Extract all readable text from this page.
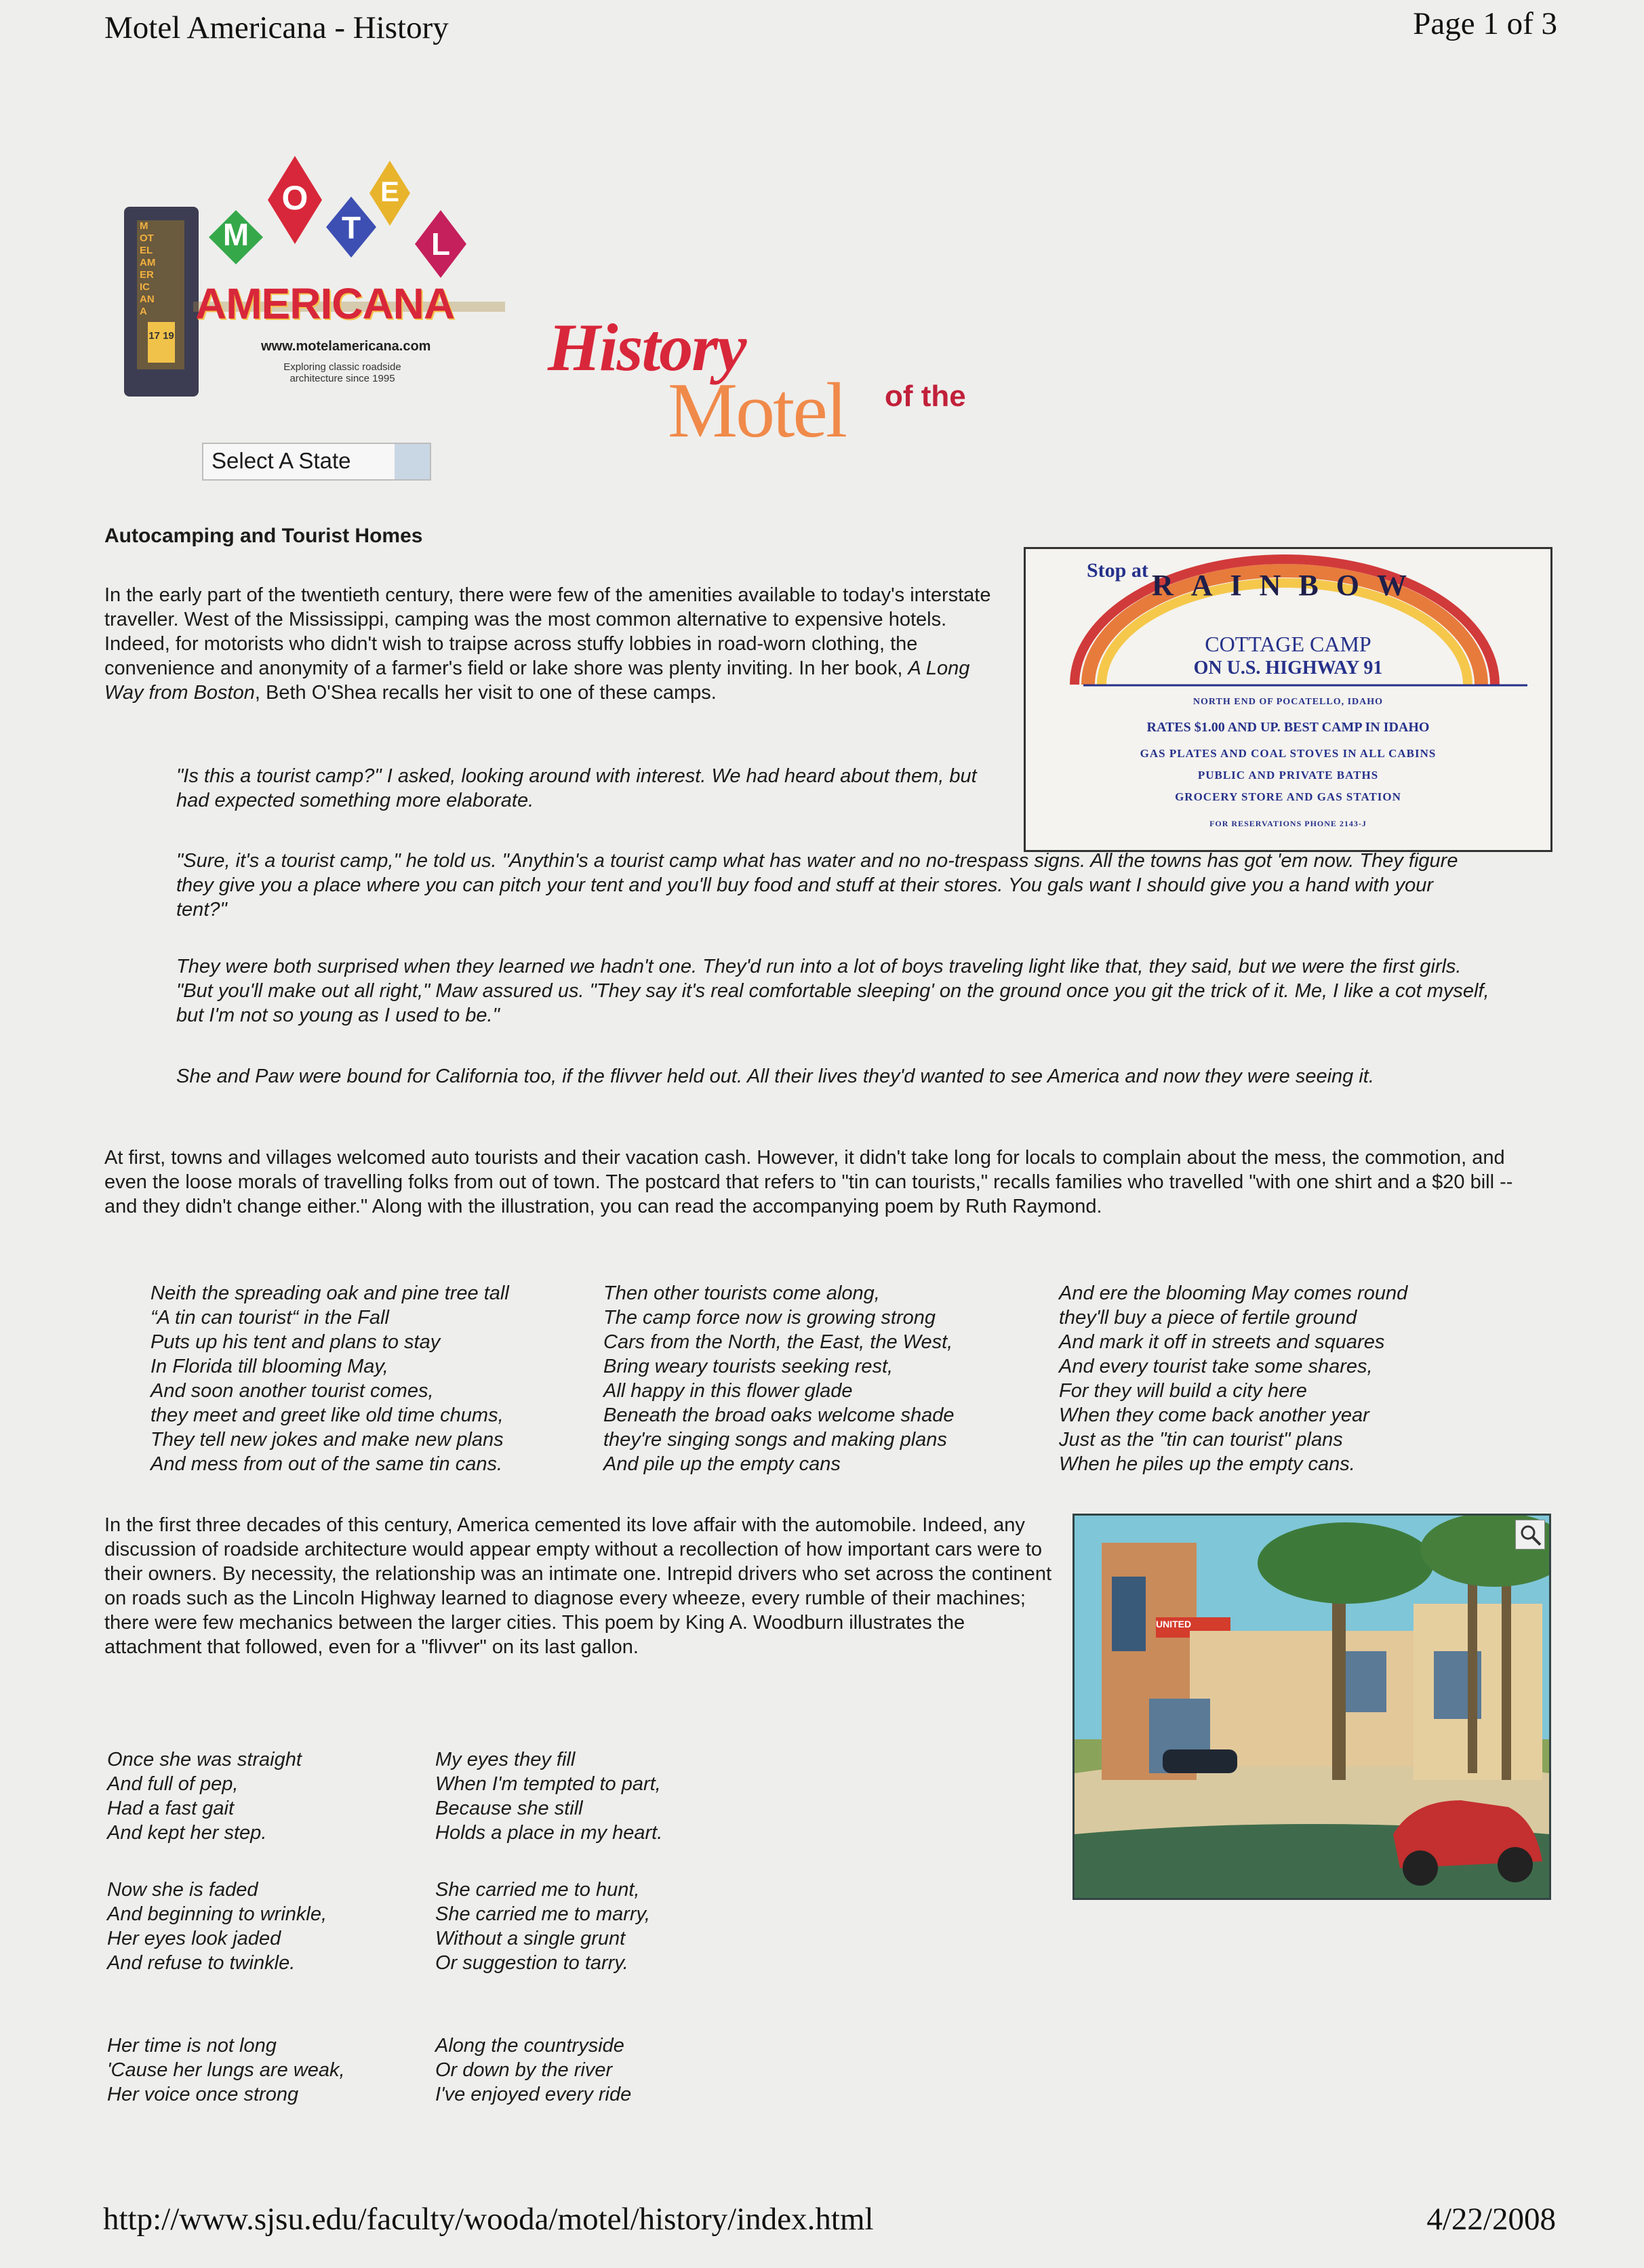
Motel Americana - History	Page 1 of 3
M
O
T
E
L
MOTEL AMERICANA
17 19
AMERICANA
www.motelamericana.com
Exploring classic roadside
architecture since 1995	History
of the
Motel
Select A State
Autocamping and Tourist Homes

In the early part of the twentieth century, there were few of the amenities available to today's interstate traveller. West of the Mississippi, camping was the most common alternative to expensive hotels. Indeed, for motorists who didn't wish to traipse across stuffy lobbies in road-worn clothing, the convenience and anonymity of a farmer's field or lake shore was plenty inviting. In her book, A Long Way from Boston, Beth O'Shea recalls her visit to one of these camps.

Stop at RAINBOW
COTTAGE CAMP
ON U.S. HIGHWAY 91
NORTH END OF POCATELLO, IDAHO
RATES $1.00 AND UP. BEST CAMP IN IDAHO
GAS PLATES AND COAL STOVES IN ALL CABINS
PUBLIC AND PRIVATE BATHS
GROCERY STORE AND GAS STATION
FOR RESERVATIONS PHONE 2143-J

"Is this a tourist camp?" I asked, looking around with interest. We had heard about them, but had expected something more elaborate.

"Sure, it's a tourist camp," he told us. "Anythin's a tourist camp what has water and no no-trespass signs. All the towns has got 'em now. They figure they give you a place where you can pitch your tent and you'll buy food and stuff at their stores. You gals want I should give you a hand with your tent?"

They were both surprised when they learned we hadn't one. They'd run into a lot of boys traveling light like that, they said, but we were the first girls. "But you'll make out all right," Maw assured us. "They say it's real comfortable sleeping' on the ground once you git the trick of it. Me, I like a cot myself, but I'm not so young as I used to be."

She and Paw were bound for California too, if the flivver held out. All their lives they'd wanted to see America and now they were seeing it.

At first, towns and villages welcomed auto tourists and their vacation cash. However, it didn't take long for locals to complain about the mess, the commotion, and even the loose morals of travelling folks from out of town. The postcard that refers to "tin can tourists," recalls families who travelled "with one shirt and a $20 bill -- and they didn't change either." Along with the illustration, you can read the accompanying poem by Ruth Raymond.

Neith the spreading oak and pine tree tall
“A tin can tourist“ in the Fall
Puts up his tent and plans to stay
In Florida till blooming May,
And soon another tourist comes,
they meet and greet like old time chums,
They tell new jokes and make new plans
And mess from out of the same tin cans.
Then other tourists come along,
The camp force now is growing strong
Cars from the North, the East, the West,
Bring weary tourists seeking rest,
All happy in this flower glade
Beneath the broad oaks welcome shade
they're singing songs and making plans
And pile up the empty cans
And ere the blooming May comes round
they'll buy a piece of fertile ground
And mark it off in streets and squares
And every tourist take some shares,
For they will build a city here
When they come back another year
Just as the "tin can tourist" plans
When he piles up the empty cans.

In the first three decades of this century, America cemented its love affair with the automobile. Indeed, any discussion of roadside architecture would appear empty without a recollection of how important cars were to their owners. By necessity, the relationship was an intimate one. Intrepid drivers who set across the continent on roads such as the Lincoln Highway learned to diagnose every wheeze, every rumble of their machines; there were few mechanics between the larger cities. This poem by King A. Woodburn illustrates the attachment that followed, even for a "flivver" on its last gallon.

UNITED
Once she was straight
And full of pep,
Had a fast gait
And kept her step.
Now she is faded
And beginning to wrinkle,
Her eyes look jaded
And refuse to twinkle.
Her time is not long
'Cause her lungs are weak,
Her voice once strong
My eyes they fill
When I'm tempted to part,
Because she still
Holds a place in my heart.
She carried me to hunt,
She carried me to marry,
Without a single grunt
Or suggestion to tarry.
Along the countryside
Or down by the river
I've enjoyed every ride
http://www.sjsu.edu/faculty/wooda/motel/history/index.html	4/22/2008
